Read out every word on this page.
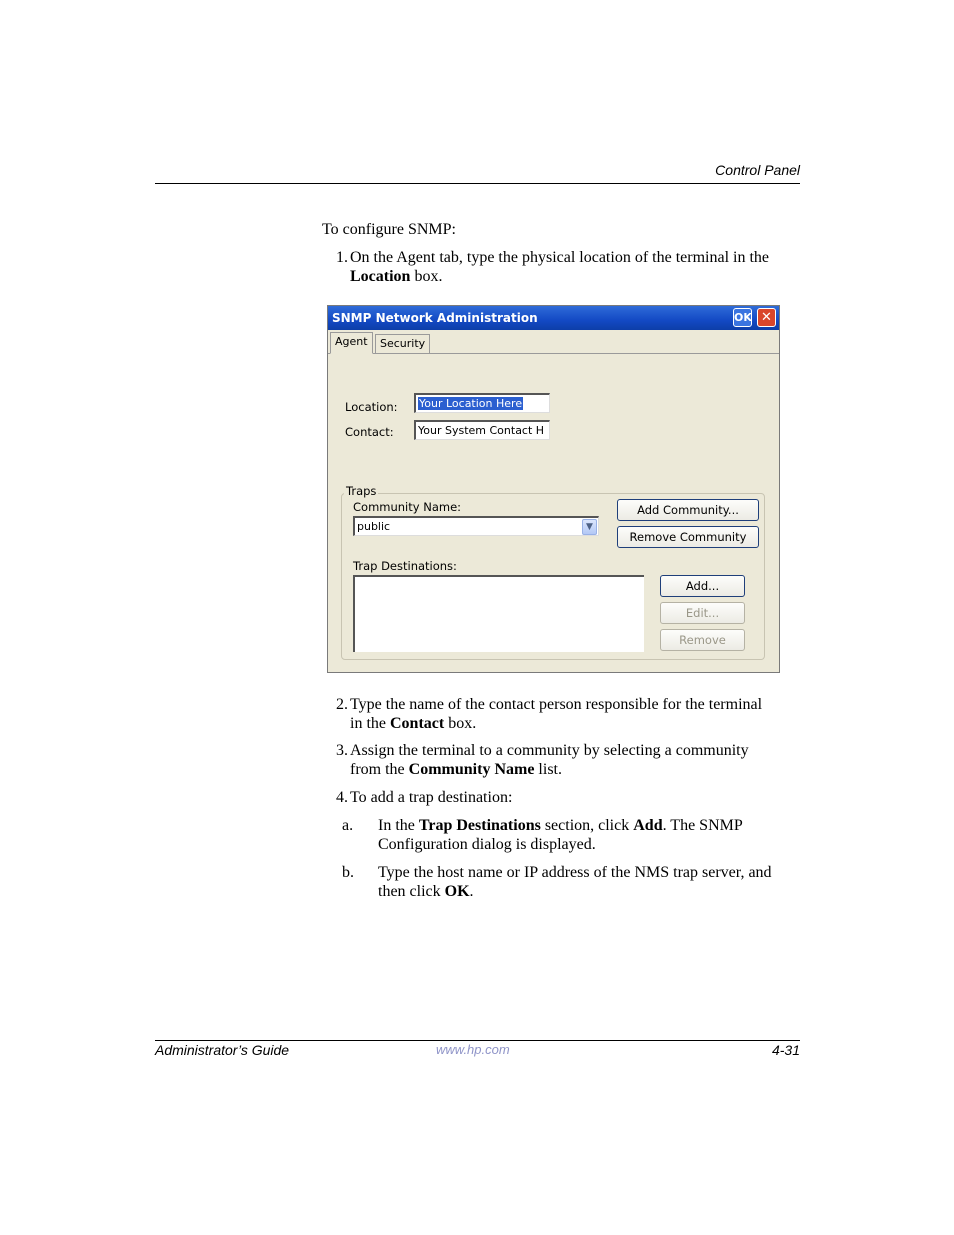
Control Panel
To configure SNMP:
1. On the Agent tab, type the physical location of the terminal in the
Location box.
SNMP Network Administration	OK ✕
Agent	Security
Location:	Your Location Here
Contact:	Your System Contact H
Traps
Community Name:
public	▼
Add Community...
Remove Community
Trap Destinations:
Add...
Edit...
Remove
2. Type the name of the contact person responsible for the terminal
in the Contact box.
3. Assign the terminal to a community by selecting a community
from the Community Name list.
4. To add a trap destination:
a.	In the Trap Destinations section, click Add. The SNMP
Configuration dialog is displayed.
b.	Type the host name or IP address of the NMS trap server, and
then click OK.
Administrator’s Guide	www.hp.com	4-31
